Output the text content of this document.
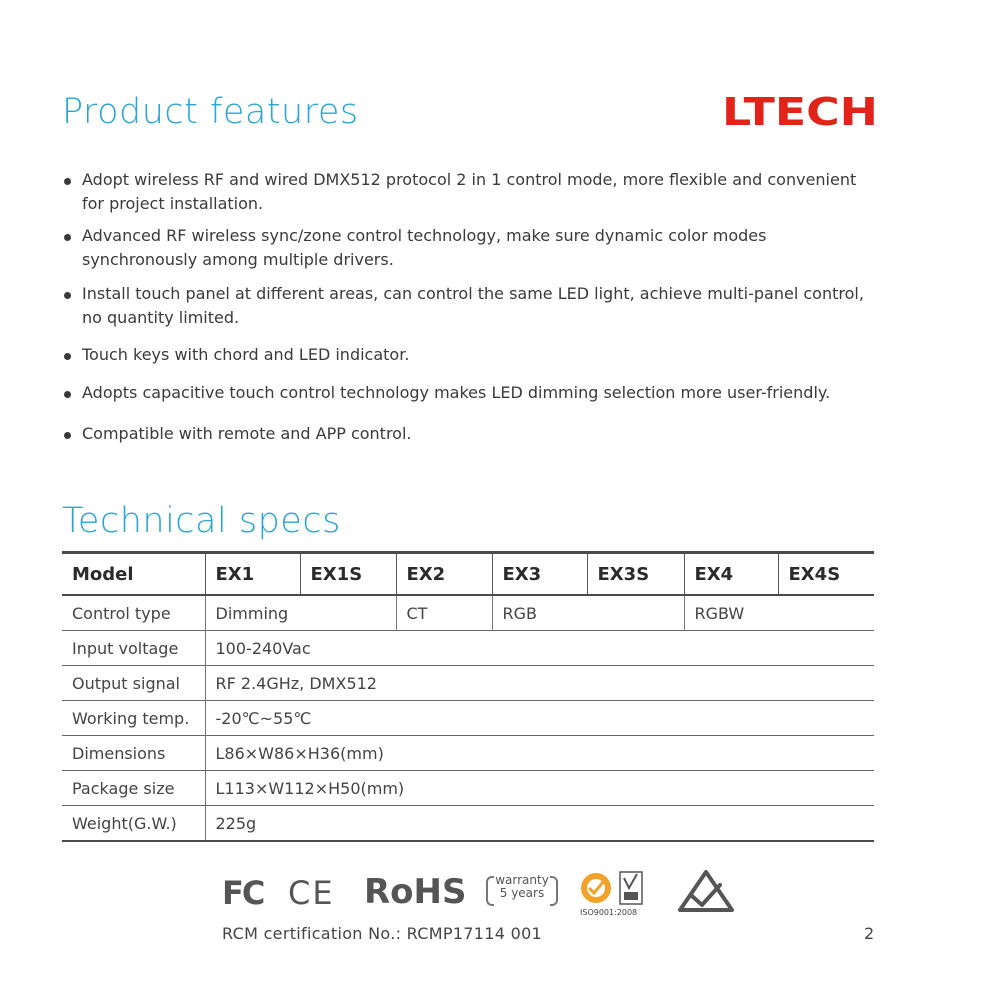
Product features	LTECH
Adopt wireless RF and wired DMX512 protocol 2 in 1 control mode, more flexible and convenient for project installation.
Advanced RF wireless sync/zone control technology, make sure dynamic color modes synchronously among multiple drivers.
Install touch panel at different areas, can control the same LED light, achieve multi-panel control, no quantity limited.
Touch keys with chord and LED indicator.
Adopts capacitive touch control technology makes LED dimming selection more user-friendly.
Compatible with remote and APP control.
Technical specs
Model	EX1	EX1S	EX2	EX3	EX3S	EX4	EX4S
Control type	Dimming		CT	RGB		RGBW	
Input voltage	100-240Vac						
Output signal	RF 2.4GHz, DMX512						
Working temp.	-20℃~55℃						
Dimensions	L86×W86×H36(mm)						
Package size	L113×W112×H50(mm)						
Weight(G.W.)	225g						
FC CE RoHS	warranty
5 years
ISO9001:2008
RCM certification No.: RCMP17114 001	2
